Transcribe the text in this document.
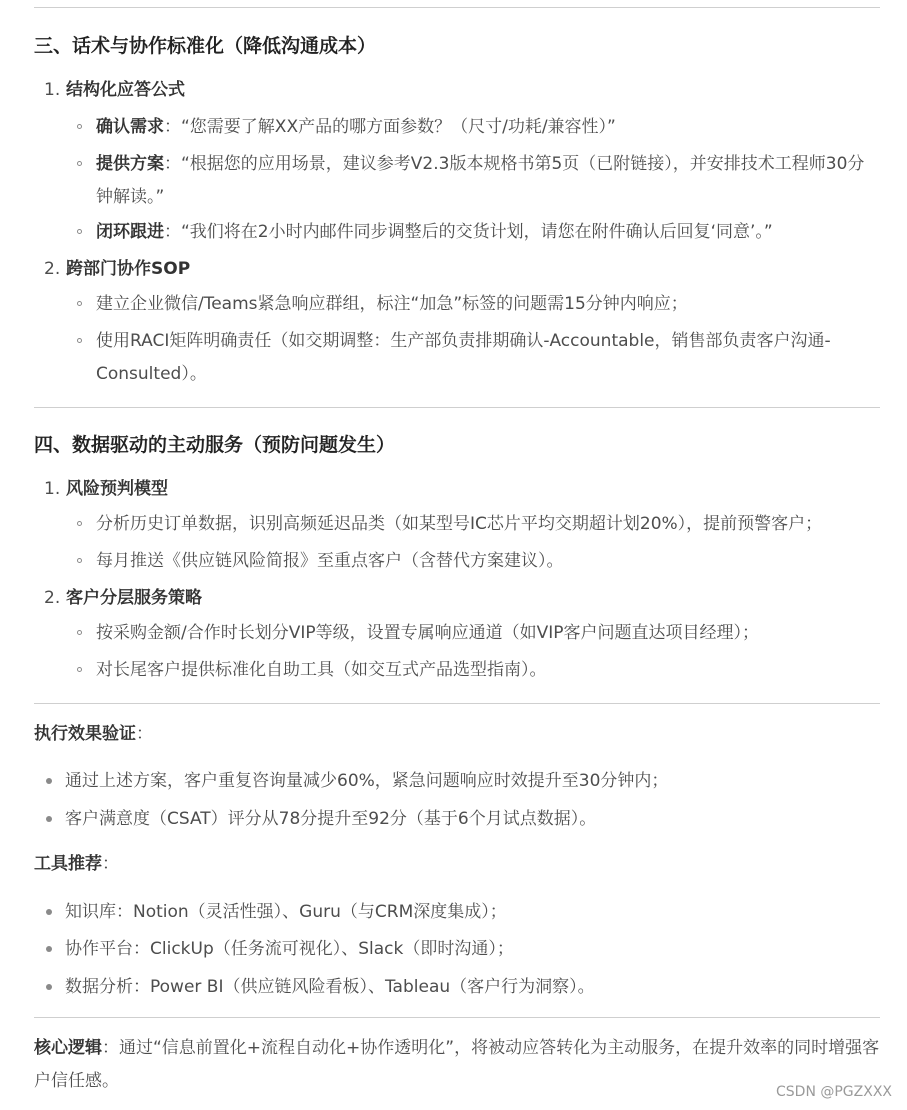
三、话术与协作标准化（降低沟通成本）
1. 结构化应答公式
确认需求：“您需要了解XX产品的哪方面参数？（尺寸/功耗/兼容性）”
提供方案：“根据您的应用场景，建议参考V2.3版本规格书第5页（已附链接），并安排技术工程师30分钟解读。”
闭环跟进：“我们将在2小时内邮件同步调整后的交货计划，请您在附件确认后回复‘同意’。”
2. 跨部门协作SOP
建立企业微信/Teams紧急响应群组，标注“加急”标签的问题需15分钟内响应；
使用RACI矩阵明确责任（如交期调整：生产部负责排期确认-Accountable，销售部负责客户沟通-Consulted）。
四、数据驱动的主动服务（预防问题发生）
1. 风险预判模型
分析历史订单数据，识别高频延迟品类（如某型号IC芯片平均交期超计划20%），提前预警客户；
每月推送《供应链风险简报》至重点客户（含替代方案建议）。
2. 客户分层服务策略
按采购金额/合作时长划分VIP等级，设置专属响应通道（如VIP客户问题直达项目经理）；
对长尾客户提供标准化自助工具（如交互式产品选型指南）。
执行效果验证：
通过上述方案，客户重复咨询量减少60%，紧急问题响应时效提升至30分钟内；
客户满意度（CSAT）评分从78分提升至92分（基于6个月试点数据）。
工具推荐：
知识库：Notion（灵活性强）、Guru（与CRM深度集成）；
协作平台：ClickUp（任务流可视化）、Slack（即时沟通）；
数据分析：Power BI（供应链风险看板）、Tableau（客户行为洞察）。
核心逻辑：通过“信息前置化+流程自动化+协作透明化”，将被动应答转化为主动服务，在提升效率的同时增强客户信任感。
CSDN @PGZXXX
